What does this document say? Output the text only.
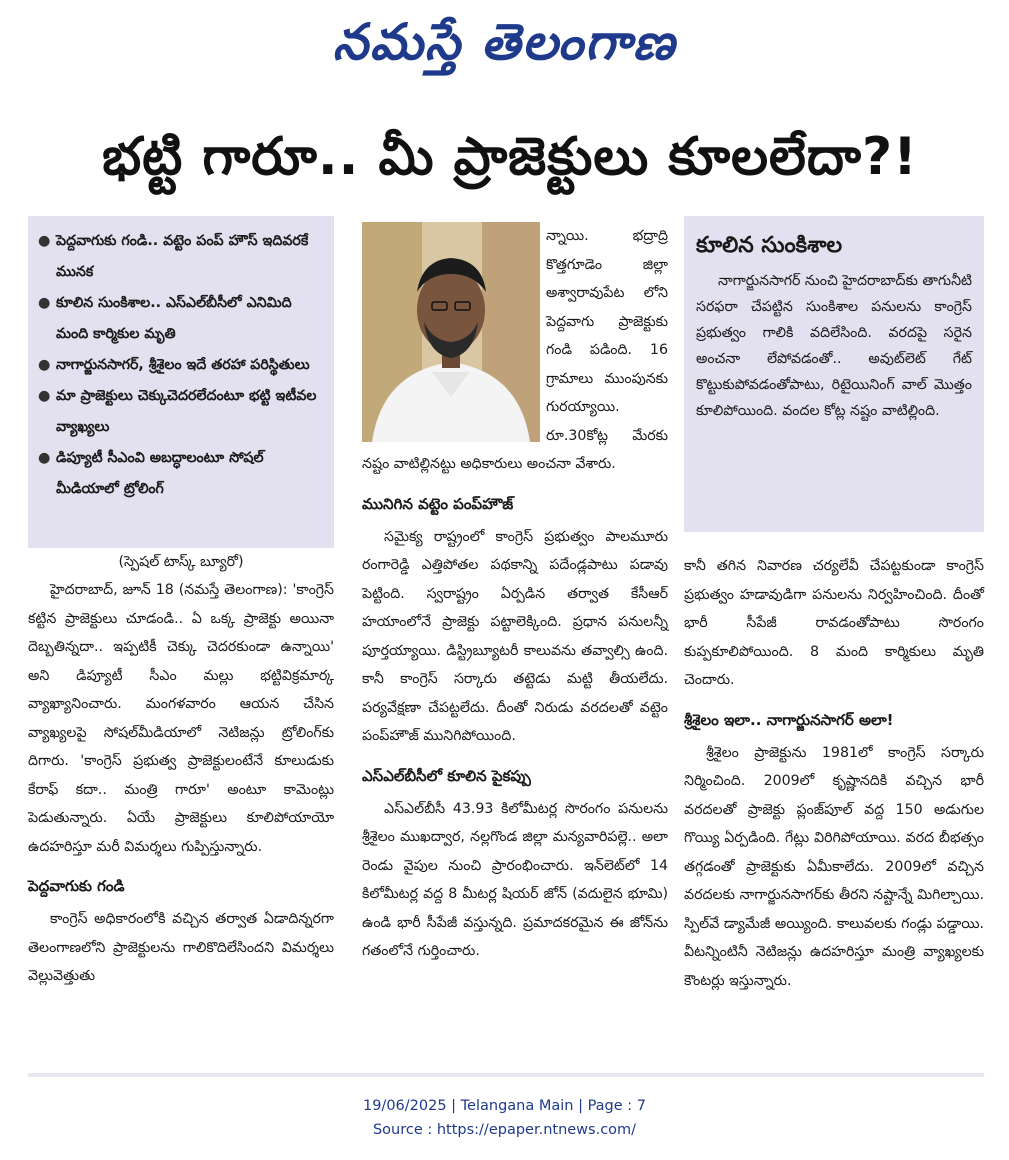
నమస్తే తెలంగాణ
భట్టి గారూ.. మీ ప్రాజెక్టులు కూలలేదా?!
● పెద్దవాగుకు గండి.. వట్టెం పంప్ హౌస్ ఇదివరకే మునక
● కూలిన సుంకిశాల.. ఎస్ఎల్‌బీసీలో ఎనిమిది మంది కార్మికుల మృతి
● నాగార్జునసాగర్, శ్రీశైలం ఇదే తరహా పరిస్థితులు
● మా ప్రాజెక్టులు చెక్కుచెదరలేదంటూ భట్టి ఇటీవల వ్యాఖ్యలు
● డిప్యూటీ సీఎంవి అబద్ధాలంటూ సోషల్ మీడియాలో ట్రోలింగ్
(స్పెషల్ టాస్క్ బ్యూరో)

హైదరాబాద్, జూన్ 18 (నమస్తే తెలంగాణ): 'కాంగ్రెస్ కట్టిన ప్రాజెక్టులు చూడండి.. ఏ ఒక్క ప్రాజెక్టు అయినా దెబ్బతిన్నదా.. ఇప్పటికీ చెక్కు చెదరకుండా ఉన్నాయి' అని డిప్యూటీ సీఎం మల్లు భట్టివిక్రమార్క వ్యాఖ్యానించారు. మంగళవారం ఆయన చేసిన వ్యాఖ్యలపై సోషల్‌మీడియాలో నెటిజన్లు ట్రోలింగ్‌కు దిగారు. 'కాంగ్రెస్ ప్రభుత్వ ప్రాజెక్టులంటేనే కూలుడుకు కేరాఫ్ కదా.. మంత్రి గారూ' అంటూ కామెంట్లు పెడుతున్నారు. ఏయే ప్రాజెక్టులు కూలిపోయాయో ఉదహరిస్తూ మరీ విమర్శలు గుప్పిస్తున్నారు.

పెద్దవాగుకు గండి

కాంగ్రెస్ అధికారంలోకి వచ్చిన తర్వాత ఏడాదిన్నరగా తెలంగాణలోని ప్రాజెక్టులను గాలికొదిలేసిందని విమర్శలు వెల్లువెత్తుతు

న్నాయి. భద్రాద్రి కొత్తగూడెం జిల్లా అశ్వారావుపేట లోని పెద్దవాగు ప్రాజెక్టుకు గండి పడింది. 16 గ్రామాలు ముంపునకు గురయ్యాయి. రూ.30కోట్ల మేరకు నష్టం వాటిల్లినట్టు అధికారులు అంచనా వేశారు.

మునిగిన వట్టెం పంప్‌హౌజ్

సమైక్య రాష్ట్రంలో కాంగ్రెస్ ప్రభుత్వం పాలమూరు రంగారెడ్డి ఎత్తిపోతల పథకాన్ని పదేండ్లపాటు పడావు పెట్టింది. స్వరాష్ట్రం ఏర్పడిన తర్వాత కేసీఆర్ హయాంలోనే ప్రాజెక్టు పట్టాలెక్కింది. ప్రధాన పనులన్నీ పూర్తయ్యాయి. డిస్ట్రిబ్యూటరీ కాలువను తవ్వాల్సి ఉంది. కానీ కాంగ్రెస్ సర్కారు తట్టెడు మట్టి తీయలేదు. పర్యవేక్షణా చేపట్టలేదు. దీంతో నిరుడు వరదలతో వట్టెం పంప్‌హౌజ్ మునిగిపోయింది.

ఎస్ఎల్‌బీసీలో కూలిన పైకప్పు

ఎస్ఎల్‌బీసీ 43.93 కిలోమీటర్ల సొరంగం పనులను శ్రీశైలం ముఖద్వార, నల్లగొండ జిల్లా మన్యవారిపల్లె.. అలా రెండు వైపుల నుంచి ప్రారంభించారు. ఇన్‌లెట్‌లో 14 కిలోమీటర్ల వద్ద 8 మీటర్ల షియర్ జోన్ (వదులైన భూమి) ఉండి భారీ సీపేజీ వస్తున్నది. ప్రమాదకరమైన ఈ జోన్‌ను గతంలోనే గుర్తించారు.

కూలిన సుంకిశాల

నాగార్జునసాగర్ నుంచి హైదరాబాద్‌కు తాగునీటి సరఫరా చేపట్టిన సుంకిశాల పనులను కాంగ్రెస్ ప్రభుత్వం గాలికి వదిలేసింది. వరదపై సరైన అంచనా లేపోవడంతో.. అవుట్‌లెట్ గేట్ కొట్టుకుపోవడంతోపాటు, రిటైయినింగ్ వాల్ మొత్తం కూలిపోయింది. వందల కోట్ల నష్టం వాటిల్లింది.

కానీ తగిన నివారణ చర్యలేవీ చేపట్టకుండా కాంగ్రెస్ ప్రభుత్వం హడావుడిగా పనులను నిర్వహించింది. దీంతో భారీ సీపేజీ రావడంతోపాటు సొరంగం కుప్పకూలిపోయింది. 8 మంది కార్మికులు మృతి చెందారు.

శ్రీశైలం ఇలా.. నాగార్జునసాగర్ అలా!

శ్రీశైలం ప్రాజెక్టును 1981లో కాంగ్రెస్ సర్కారు నిర్మించింది. 2009లో కృష్ణానదికి వచ్చిన భారీ వరదలతో ప్రాజెక్టు ప్లంజ్‌పూల్ వద్ద 150 అడుగుల గొయ్యి ఏర్పడింది. గేట్లు విరిగిపోయాయి. వరద బీభత్సం తగ్గడంతో ప్రాజెక్టుకు ఏమీకాలేదు. 2009లో వచ్చిన వరదలకు నాగార్జునసాగర్‌కు తీరని నష్టాన్నే మిగిల్చాయి. స్పిల్‌వే డ్యామేజీ అయ్యింది. కాలువలకు గండ్లు పడ్డాయి. వీటన్నింటినీ నెటిజన్లు ఉదహరిస్తూ మంత్రి వ్యాఖ్యలకు కౌంటర్లు ఇస్తున్నారు.

19/06/2025 | Telangana Main | Page : 7
Source : https://epaper.ntnews.com/
